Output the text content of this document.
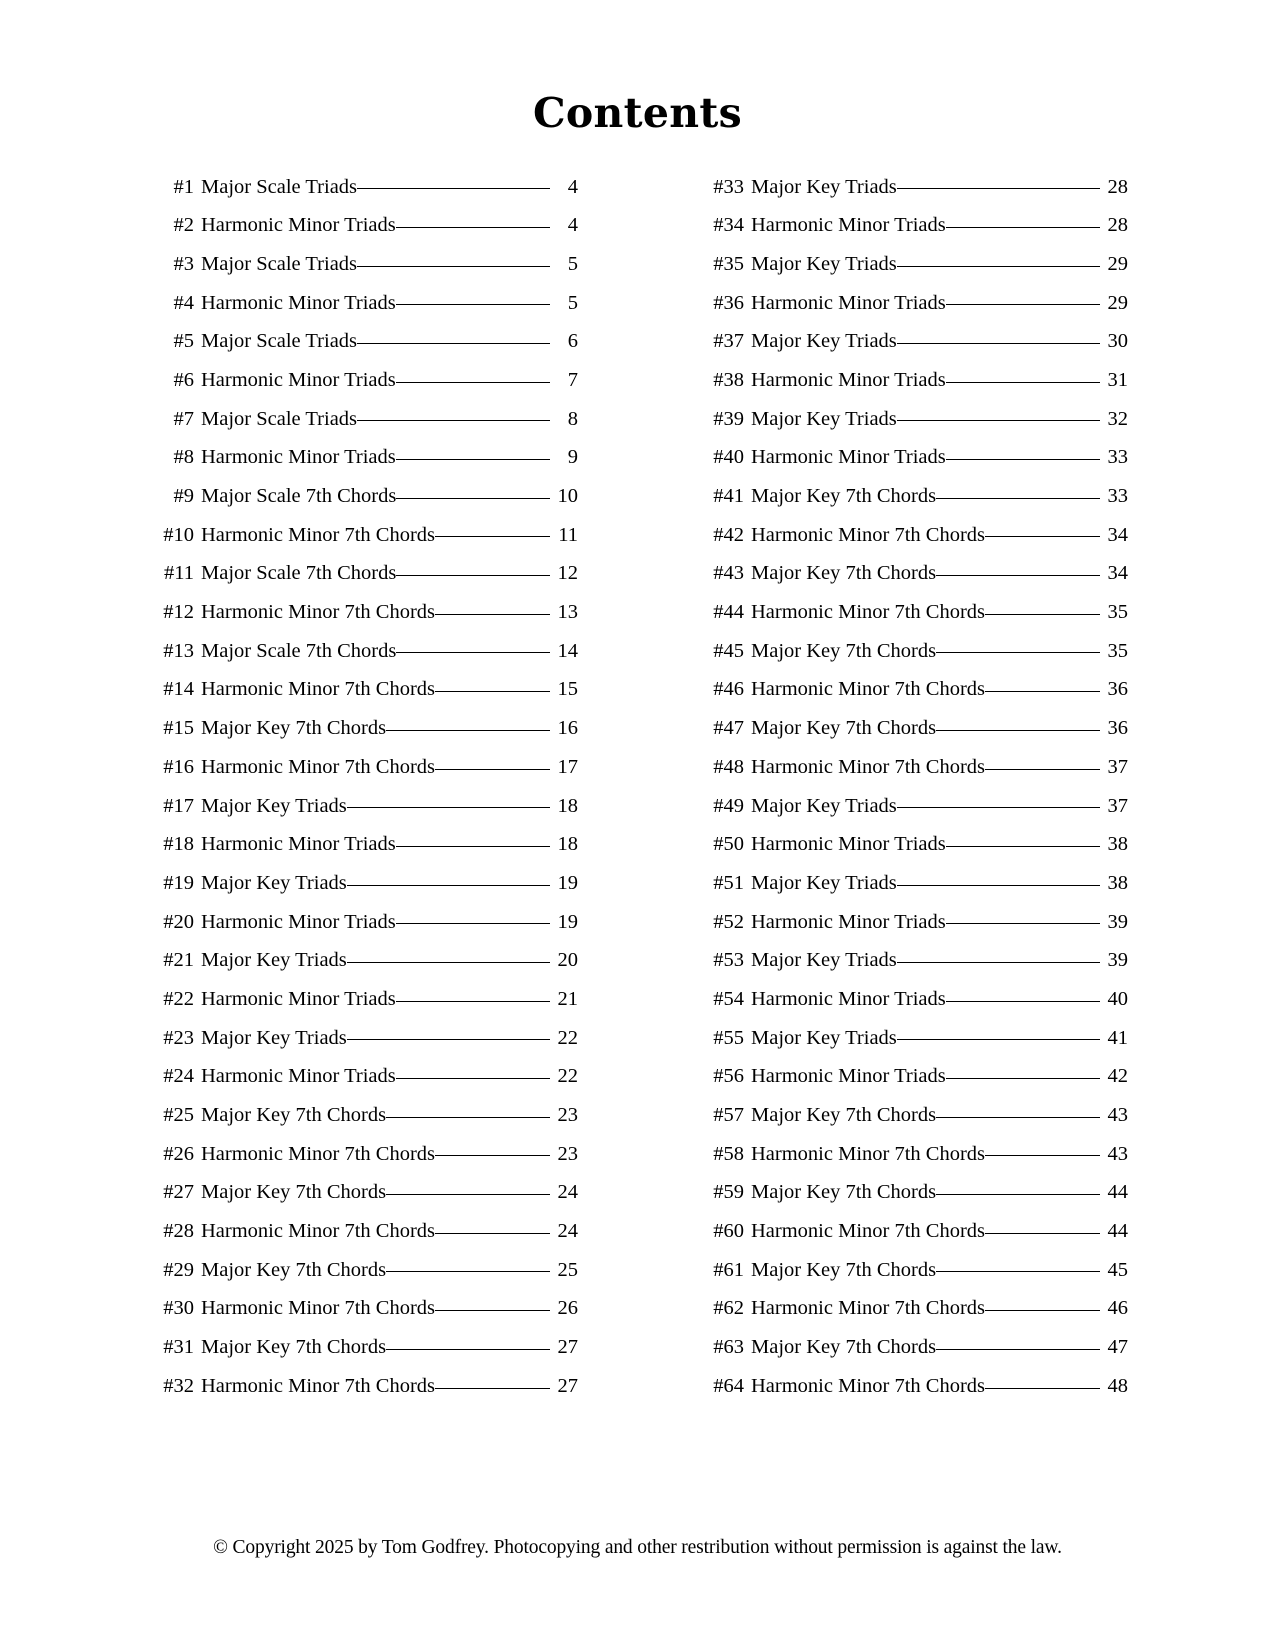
Contents
#1 Major Scale Triads	4
#2 Harmonic Minor Triads	4
#3 Major Scale Triads	5
#4 Harmonic Minor Triads	5
#5 Major Scale Triads	6
#6 Harmonic Minor Triads	7
#7 Major Scale Triads	8
#8 Harmonic Minor Triads	9
#9 Major Scale 7th Chords	10
#10 Harmonic Minor 7th Chords	11
#11 Major Scale 7th Chords	12
#12 Harmonic Minor 7th Chords	13
#13 Major Scale 7th Chords	14
#14 Harmonic Minor 7th Chords	15
#15 Major Key 7th Chords	16
#16 Harmonic Minor 7th Chords	17
#17 Major Key Triads	18
#18 Harmonic Minor Triads	18
#19 Major Key Triads	19
#20 Harmonic Minor Triads	19
#21 Major Key Triads	20
#22 Harmonic Minor Triads	21
#23 Major Key Triads	22
#24 Harmonic Minor Triads	22
#25 Major Key 7th Chords	23
#26 Harmonic Minor 7th Chords	23
#27 Major Key 7th Chords	24
#28 Harmonic Minor 7th Chords	24
#29 Major Key 7th Chords	25
#30 Harmonic Minor 7th Chords	26
#31 Major Key 7th Chords	27
#32 Harmonic Minor 7th Chords	27
#33 Major Key Triads	28
#34 Harmonic Minor Triads	28
#35 Major Key Triads	29
#36 Harmonic Minor Triads	29
#37 Major Key Triads	30
#38 Harmonic Minor Triads	31
#39 Major Key Triads	32
#40 Harmonic Minor Triads	33
#41 Major Key 7th Chords	33
#42 Harmonic Minor 7th Chords	34
#43 Major Key 7th Chords	34
#44 Harmonic Minor 7th Chords	35
#45 Major Key 7th Chords	35
#46 Harmonic Minor 7th Chords	36
#47 Major Key 7th Chords	36
#48 Harmonic Minor 7th Chords	37
#49 Major Key Triads	37
#50 Harmonic Minor Triads	38
#51 Major Key Triads	38
#52 Harmonic Minor Triads	39
#53 Major Key Triads	39
#54 Harmonic Minor Triads	40
#55 Major Key Triads	41
#56 Harmonic Minor Triads	42
#57 Major Key 7th Chords	43
#58 Harmonic Minor 7th Chords	43
#59 Major Key 7th Chords	44
#60 Harmonic Minor 7th Chords	44
#61 Major Key 7th Chords	45
#62 Harmonic Minor 7th Chords	46
#63 Major Key 7th Chords	47
#64 Harmonic Minor 7th Chords	48
© Copyright 2025 by Tom Godfrey. Photocopying and other restribution without permission is against the law.
